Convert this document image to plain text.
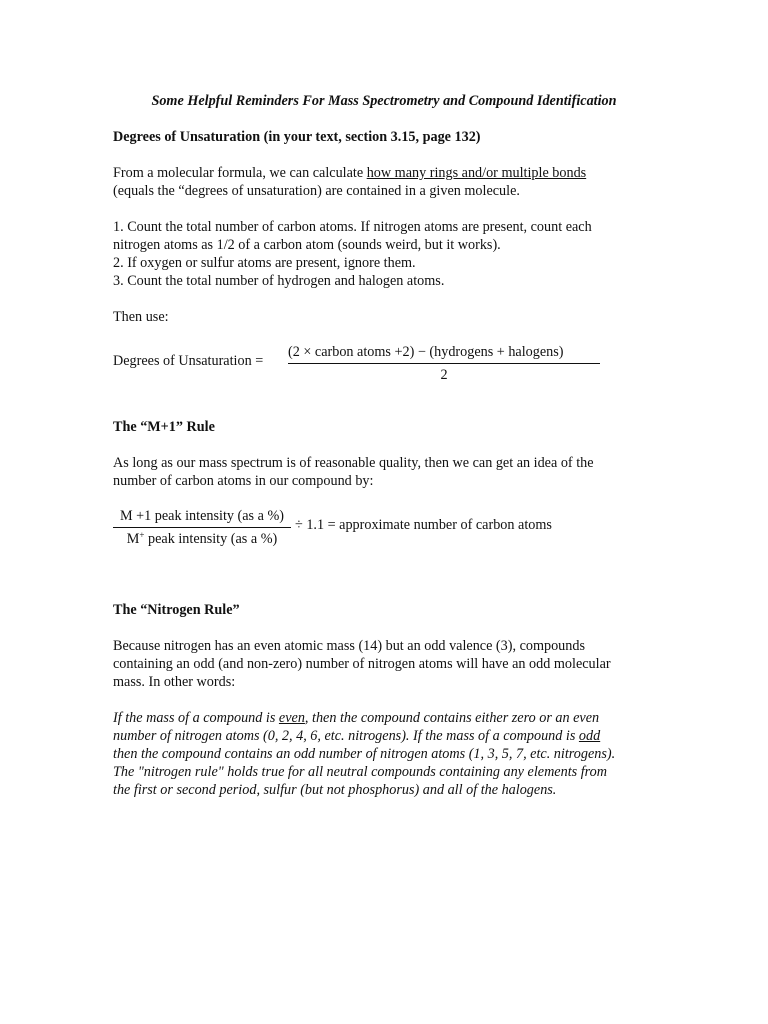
Some Helpful Reminders For Mass Spectrometry and Compound Identification

Degrees of Unsaturation (in your text, section 3.15, page 132)

From a molecular formula, we can calculate how many rings and/or multiple bonds
(equals the “degrees of unsaturation) are contained in a given molecule.

1. Count the total number of carbon atoms. If nitrogen atoms are present, count each
nitrogen atoms as 1/2 of a carbon atom (sounds weird, but it works).
2. If oxygen or sulfur atoms are present, ignore them.
3. Count the total number of hydrogen and halogen atoms.

Then use:

Degrees of Unsaturation =
(2 × carbon atoms +2) − (hydrogens + halogens)
2

The “M+1” Rule

As long as our mass spectrum is of reasonable quality, then we can get an idea of the
number of carbon atoms in our compound by:

M +1 peak intensity (as a %)
M+ peak intensity (as a %)
÷ 1.1 = approximate number of carbon atoms

The “Nitrogen Rule”

Because nitrogen has an even atomic mass (14) but an odd valence (3), compounds
containing an odd (and non-zero) number of nitrogen atoms will have an odd molecular
mass. In other words:

If the mass of a compound is even, then the compound contains either zero or an even
number of nitrogen atoms (0, 2, 4, 6, etc. nitrogens). If the mass of a compound is odd
then the compound contains an odd number of nitrogen atoms (1, 3, 5, 7, etc. nitrogens).
The "nitrogen rule" holds true for all neutral compounds containing any elements from
the first or second period, sulfur (but not phosphorus) and all of the halogens.
